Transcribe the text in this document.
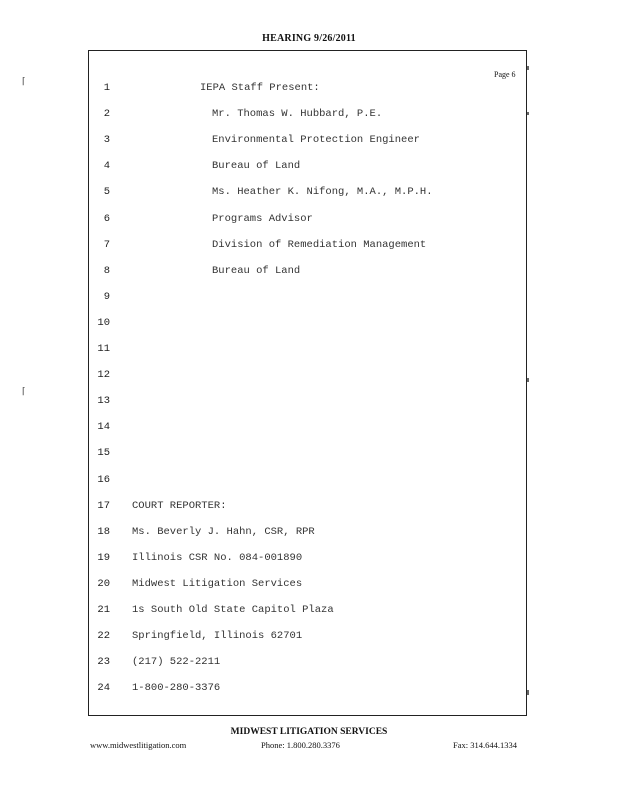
HEARING 9/26/2011
Page 6
1	IEPA Staff Present:
2	Mr. Thomas W. Hubbard, P.E.
3	Environmental Protection Engineer
4	Bureau of Land
5	Ms. Heather K. Nifong, M.A., M.P.H.
6	Programs Advisor
7	Division of Remediation Management
8	Bureau of Land
9
10
11
12
13
14
15
16
17 COURT REPORTER:
18 Ms. Beverly J. Hahn, CSR, RPR
19 Illinois CSR No. 084-001890
20 Midwest Litigation Services
21 1s South Old State Capitol Plaza
22 Springfield, Illinois 62701
23 (217) 522-2211
24 1-800-280-3376
⌈
⌈
MIDWEST LITIGATION SERVICES
www.midwestlitigation.com	Phone: 1.800.280.3376	Fax: 314.644.1334
